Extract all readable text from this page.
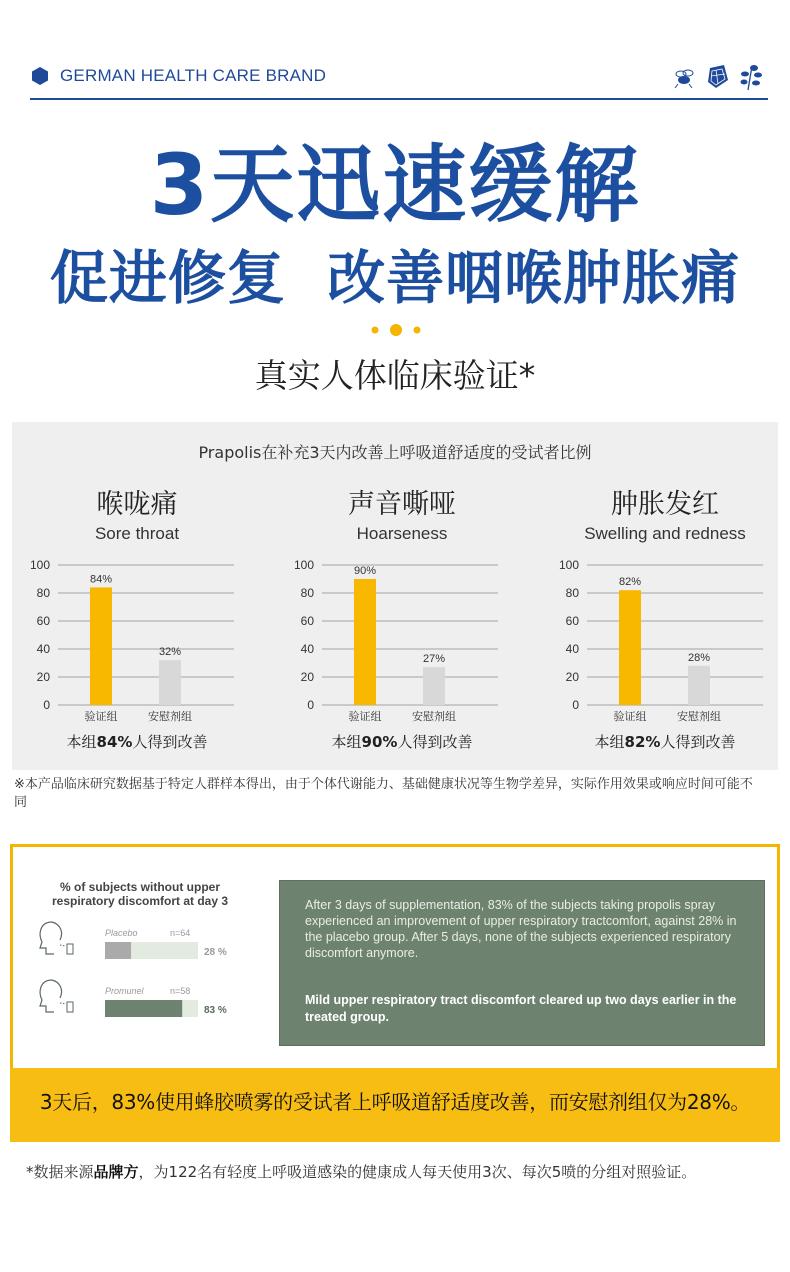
GERMAN HEALTH CARE BRAND
3天迅速缓解
促进修复 改善咽喉肿胀痛
真实人体临床验证*
Prapolis在补充3天内改善上呼吸道舒适度的受试者比例
喉咙痛
Sore throat
100
80
60
40
20
0
84%
验证组
32%
安慰剂组
本组84%人得到改善
声音嘶哑
Hoarseness
100
80
60
40
20
0
90%
验证组
27%
安慰剂组
本组90%人得到改善
肿胀发红
Swelling and redness
100
80
60
40
20
0
82%
验证组
28%
安慰剂组
本组82%人得到改善
※本产品临床研究数据基于特定人群样本得出，由于个体代谢能力、基础健康状况等生物学差异，实际作用效果或响应时间可能不同
% of subjects without upper respiratory discomfort at day 3
Placebo	n=64
28 %
Promunel	n=58
83 %
After 3 days of supplementation, 83% of the subjects taking propolis spray experienced an improvement of upper respiratory tractcomfort, against 28% in the placebo group. After 5 days, none of the subjects experienced respiratory discomfort anymore.
Mild upper respiratory tract discomfort cleared up two days earlier in the treated group.
3天后，83%使用蜂胶喷雾的受试者上呼吸道舒适度改善，而安慰剂组仅为28%。
*数据来源品牌方，为122名有轻度上呼吸道感染的健康成人每天使用3次、每次5喷的分组对照验证。
